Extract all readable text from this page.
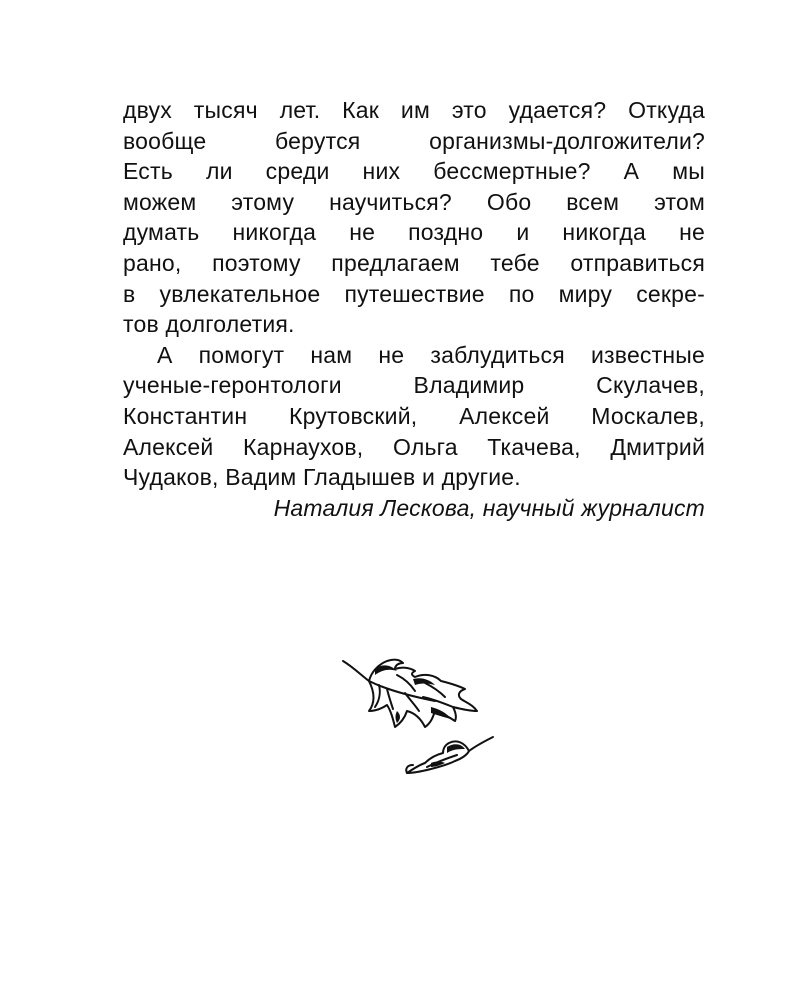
двух тысяч лет. Как им это удается? Откуда
вообще берутся организмы-долгожители?
Есть ли среди них бессмертные? А мы
можем этому научиться? Обо всем этом
думать никогда не поздно и никогда не
рано, поэтому предлагаем тебе отправиться
в увлекательное путешествие по миру секре-
тов долголетия.

А помогут нам не заблудиться известные
ученые-геронтологи Владимир Скулачев,
Константин Крутовский, Алексей Москалев,
Алексей Карнаухов, Ольга Ткачева, Дмитрий
Чудаков, Вадим Гладышев и другие.

Наталия Лескова, научный журналист
